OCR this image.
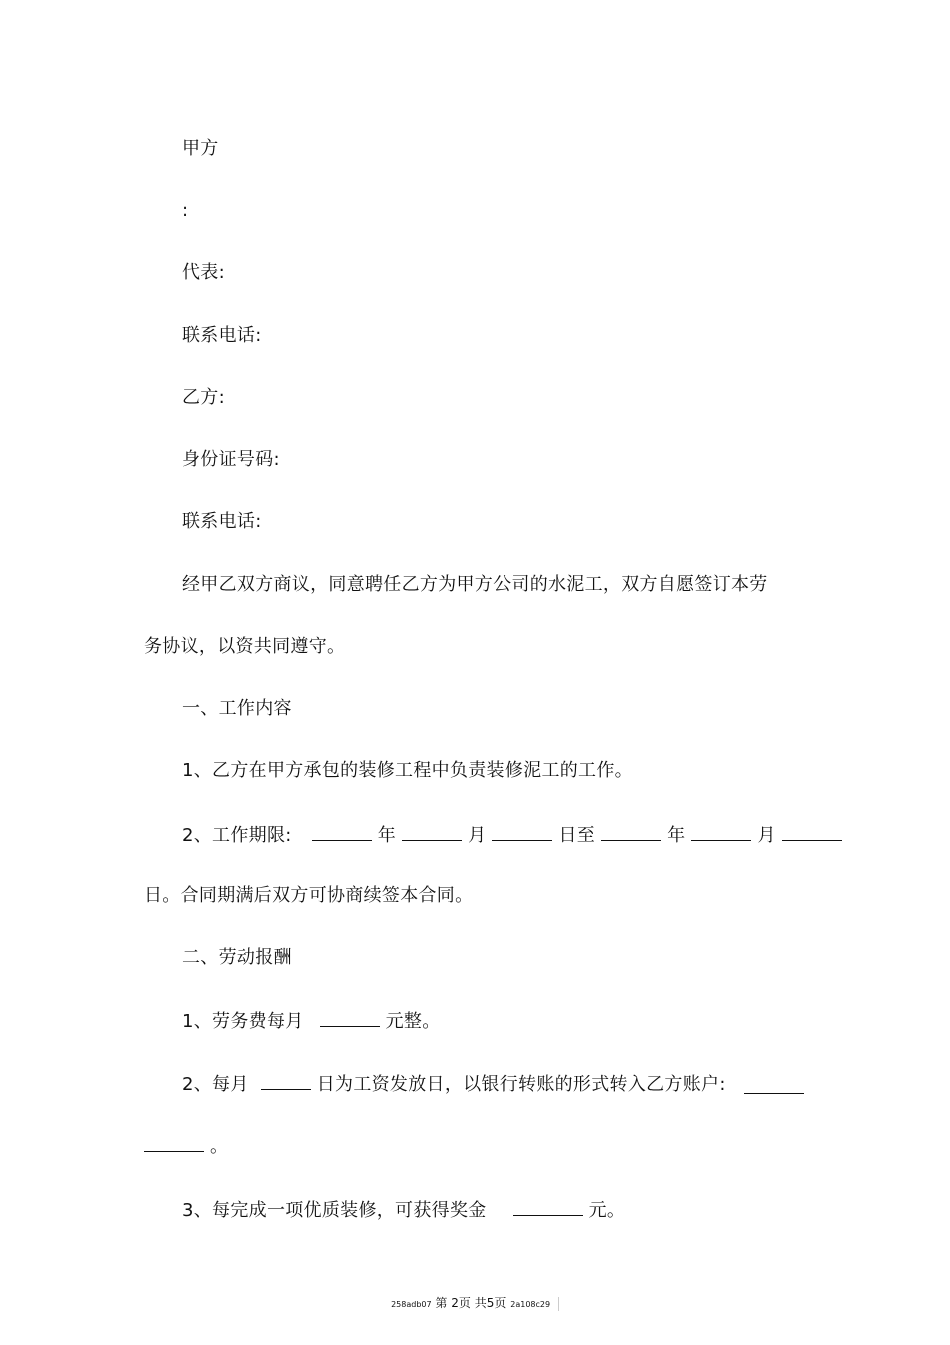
甲方
:
代表:
联系电话:
乙方:
身份证号码:
联系电话:
经甲乙双方商议，同意聘任乙方为甲方公司的水泥工，双方自愿签订本劳
务协议，以资共同遵守。
一、工作内容
1、乙方在甲方承包的装修工程中负责装修泥工的工作。
2、工作期限:	年	月	日至	年	月
日。合同期满后双方可协商续签本合同。
二、劳动报酬
1、劳务费每月	元整。
2、每月	日为工资发放日，以银行转账的形式转入乙方账户:
。
3、每完成一项优质装修，可获得奖金	元。
258adb07 第 2页 共5页 2a108c29
